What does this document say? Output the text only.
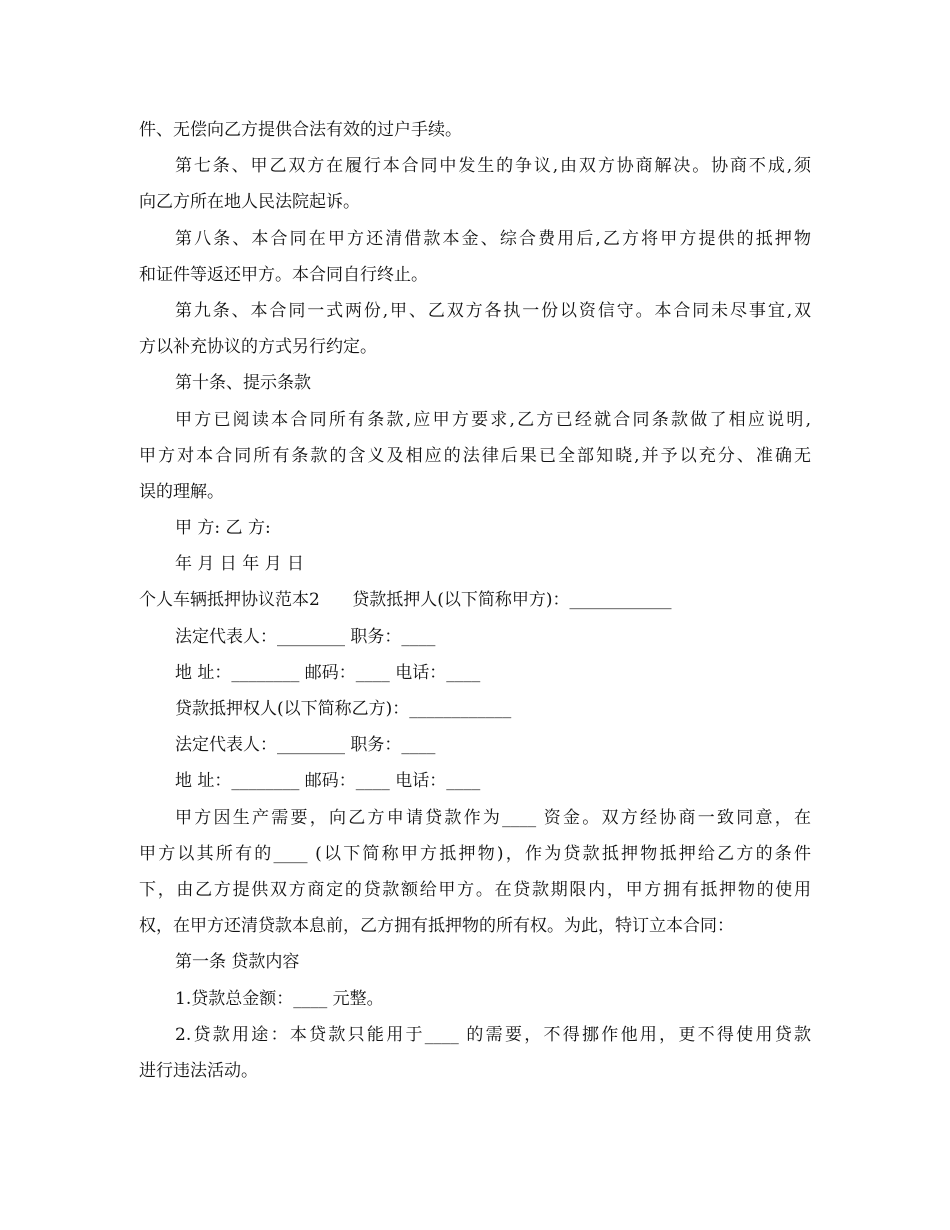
件、无偿向乙方提供合法有效的过户手续。
第七条、甲乙双方在履行本合同中发生的争议,由双方协商解决。协商不成,须
向乙方所在地人民法院起诉。
第八条、本合同在甲方还清借款本金、综合费用后,乙方将甲方提供的抵押物
和证件等返还甲方。本合同自行终止。
第九条、本合同一式两份,甲、乙双方各执一份以资信守。本合同未尽事宜,双
方以补充协议的方式另行约定。
第十条、提示条款
甲方已阅读本合同所有条款,应甲方要求,乙方已经就合同条款做了相应说明,
甲方对本合同所有条款的含义及相应的法律后果已全部知晓,并予以充分、准确无
误的理解。
甲 方: 乙 方:
年 月 日 年 月 日
个人车辆抵押协议范本2      贷款抵押人(以下简称甲方)：____________
法定代表人：________ 职务：____
地 址：________ 邮码：____ 电话：____
贷款抵押权人(以下简称乙方)：____________
法定代表人：________ 职务：____
地 址：________ 邮码：____ 电话：____
甲方因生产需要，向乙方申请贷款作为____ 资金。双方经协商一致同意，在
甲方以其所有的____ (以下简称甲方抵押物)，作为贷款抵押物抵押给乙方的条件
下，由乙方提供双方商定的贷款额给甲方。在贷款期限内，甲方拥有抵押物的使用
权，在甲方还清贷款本息前，乙方拥有抵押物的所有权。为此，特订立本合同：
第一条 贷款内容
1.贷款总金额：____ 元整。
2.贷款用途：本贷款只能用于____ 的需要，不得挪作他用，更不得使用贷款
进行违法活动。
